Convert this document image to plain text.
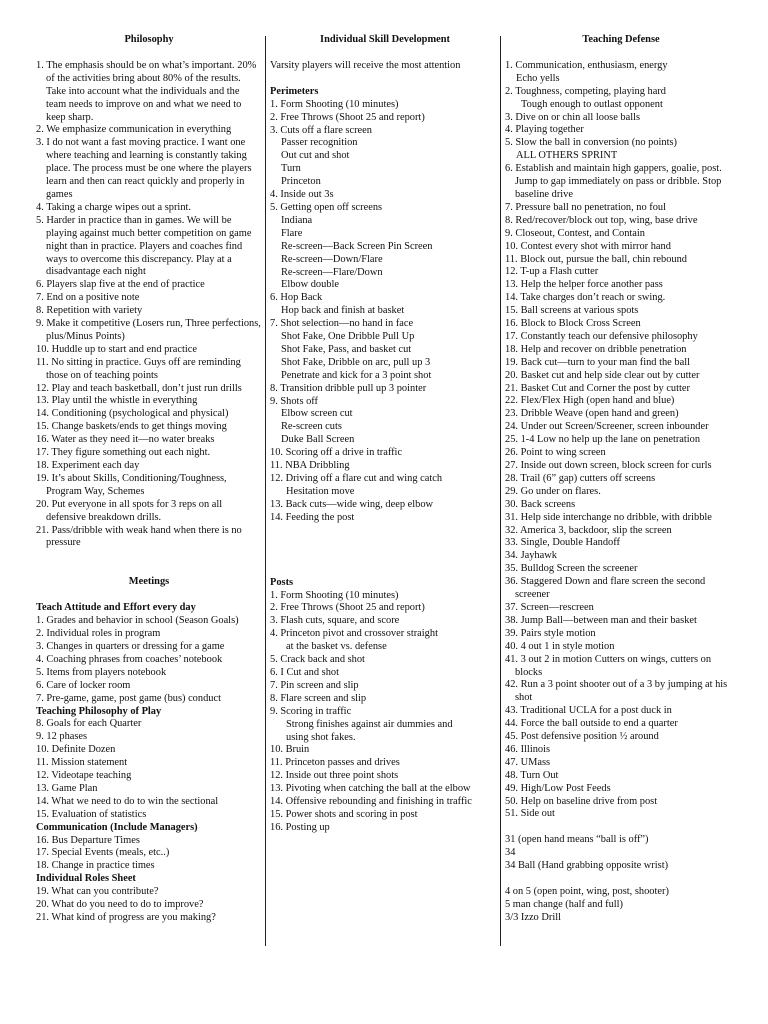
Philosophy

1. The emphasis should be on what’s important. 20% of the activities bring about 80% of the results. Take into account what the individuals and the team needs to improve on and what we need to keep sharp.

2. We emphasize communication in everything

3. I do not want a fast moving practice. I want one where teaching and learning is constantly taking place. The process must be one where the players learn and then can react quickly and properly in games

4. Taking a charge wipes out a sprint.

5. Harder in practice than in games. We will be playing against much better competition on game night than in practice. Players and coaches find ways to overcome this discrepancy. Play at a disadvantage each night

6. Players slap five at the end of practice

7. End on a positive note

8. Repetition with variety

9. Make it competitive (Losers run, Three perfections, plus/Minus Points)

10. Huddle up to start and end practice

11. No sitting in practice. Guys off are reminding those on of teaching points

12. Play and teach basketball, don’t just run drills

13. Play until the whistle in everything

14. Conditioning (psychological and physical)

15. Change baskets/ends to get things moving

16. Water as they need it—no water breaks

17. They figure something out each night.

18. Experiment each day

19. It’s about Skills, Conditioning/Toughness, Program Way, Schemes

20. Put everyone in all spots for 3 reps on all defensive breakdown drills.

21. Pass/dribble with weak hand when there is no pressure

Meetings

Teach Attitude and Effort every day

1. Grades and behavior in school (Season Goals)

2. Individual roles in program

3. Changes in quarters or dressing for a game

4. Coaching phrases from coaches’ notebook

5. Items from players notebook

6. Care of locker room

7. Pre-game, game, post game (bus) conduct

Teaching Philosophy of Play

8. Goals for each Quarter

9. 12 phases

10. Definite Dozen

11. Mission statement

12. Videotape teaching

13. Game Plan

14. What we need to do to win the sectional

15. Evaluation of statistics

Communication (Include Managers)

16. Bus Departure Times

17. Special Events (meals, etc..)

18. Change in practice times

Individual Roles Sheet

19. What can you contribute?

20. What do you need to do to improve?

21. What kind of progress are you making?

Individual Skill Development

Varsity players will receive the most attention

Perimeters

1. Form Shooting (10 minutes)

2. Free Throws (Shoot 25 and report)

3. Cuts off a flare screen

Passer recognition

Out cut and shot

Turn

Princeton

4. Inside out 3s

5. Getting open off screens

Indiana

Flare

Re-screen—Back Screen Pin Screen

Re-screen—Down/Flare

Re-screen—Flare/Down

Elbow double

6. Hop Back

Hop back and finish at basket

7. Shot selection—no hand in face

Shot Fake, One Dribble Pull Up

Shot Fake, Pass, and basket cut

Shot Fake, Dribble on arc, pull up 3

Penetrate and kick for a 3 point shot

8. Transition dribble pull up 3 pointer

9. Shots off

Elbow screen cut

Re-screen cuts

Duke Ball Screen

10. Scoring off a drive in traffic

11. NBA Dribbling

12. Driving off a flare cut and wing catch

Hesitation move

13. Back cuts—wide wing, deep elbow

14. Feeding the post

Posts

1. Form Shooting (10 minutes)

2. Free Throws (Shoot 25 and report)

3. Flash cuts, square, and score

4. Princeton pivot and crossover straight

at the basket vs. defense

5. Crack back and shot

6. I Cut and shot

7. Pin screen and slip

8. Flare screen and slip

9. Scoring in traffic

Strong finishes against air dummies and

using shot fakes.

10. Bruin

11. Princeton passes and drives

12. Inside out three point shots

13. Pivoting when catching the ball at the elbow

14. Offensive rebounding and finishing in traffic

15. Power shots and scoring in post

16. Posting up

Teaching Defense

1. Communication, enthusiasm, energy

Echo yells

2. Toughness, competing, playing hard

Tough enough to outlast opponent

3. Dive on or chin all loose balls

4. Playing together

5. Slow the ball in conversion (no points)

ALL OTHERS SPRINT

6. Establish and maintain high gappers, goalie, post. Jump to gap immediately on pass or dribble. Stop baseline drive

7. Pressure ball no penetration, no foul

8. Red/recover/block out top, wing, base drive

9. Closeout, Contest, and Contain

10. Contest every shot with mirror hand

11. Block out, pursue the ball, chin rebound

12. T-up a Flash cutter

13. Help the helper force another pass

14. Take charges don’t reach or swing.

15. Ball screens at various spots

16. Block to Block Cross Screen

17. Constantly teach our defensive philosophy

18. Help and recover on dribble penetration

19. Back cut—turn to your man find the ball

20. Basket cut and help side clear out by cutter

21. Basket Cut and Corner the post by cutter

22. Flex/Flex High (open hand and blue)

23. Dribble Weave (open hand and green)

24. Under out Screen/Screener, screen inbounder

25. 1-4 Low no help up the lane on penetration

26. Point to wing screen

27. Inside out down screen, block screen for curls

28. Trail (6” gap) cutters off screens

29. Go under on flares.

30. Back screens

31. Help side interchange no dribble, with dribble

32. America 3, backdoor, slip the screen

33. Single, Double Handoff

34. Jayhawk

35. Bulldog Screen the screener

36. Staggered Down and flare screen the second screener

37. Screen—rescreen

38. Jump Ball—between man and their basket

39. Pairs style motion

40. 4 out 1 in style motion

41. 3 out 2 in motion Cutters on wings, cutters on blocks

42. Run a 3 point shooter out of a 3 by jumping at his shot

43. Traditional UCLA for a post duck in

44. Force the ball outside to end a quarter

45. Post defensive position ½ around

46. Illinois

47. UMass

48. Turn Out

49. High/Low Post Feeds

50. Help on baseline drive from post

51. Side out

31 (open hand means “ball is off”)

34

34 Ball (Hand grabbing opposite wrist)

4 on 5 (open point, wing, post, shooter)

5 man change (half and full)

3/3 Izzo Drill
